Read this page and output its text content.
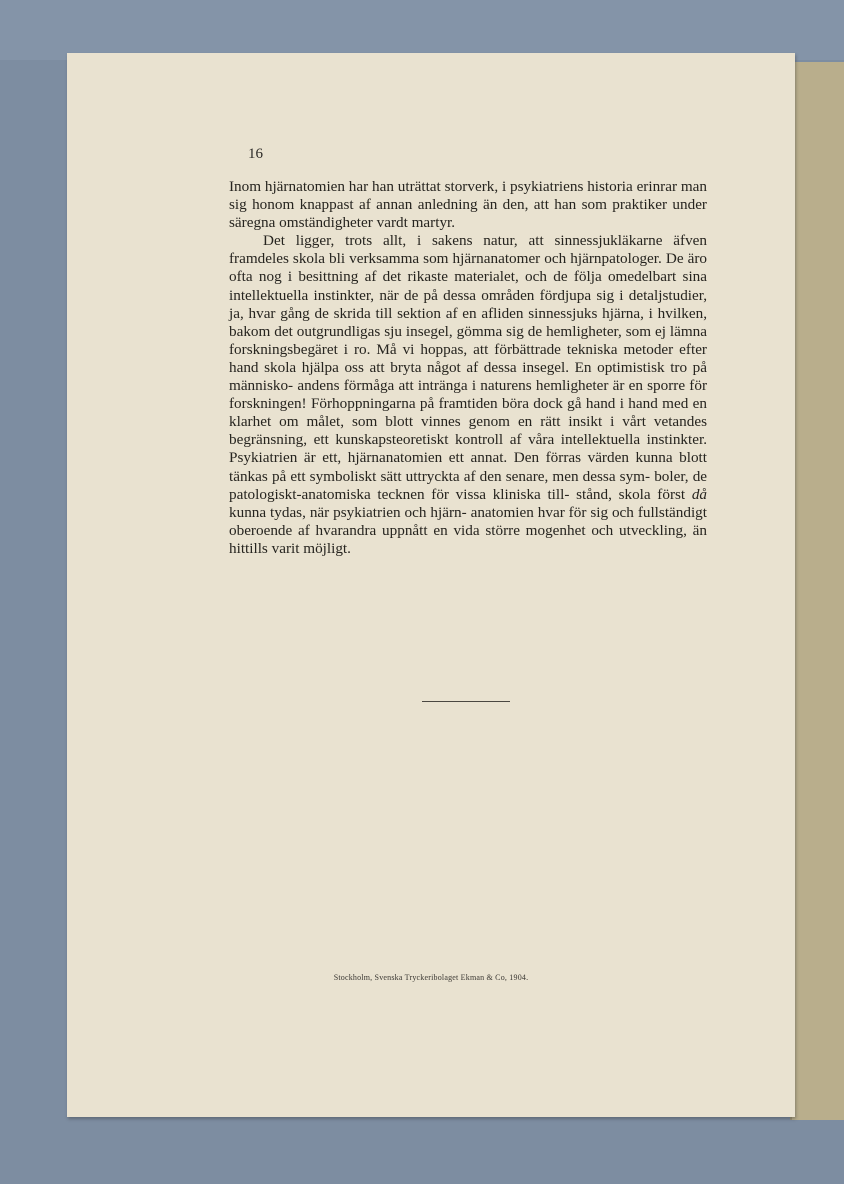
16

Inom hjärnatomien har han uträttat storverk, i psykiatriens historia erinrar man sig honom knappast af annan anledning än den, att han som praktiker under säregna omständigheter vardt martyr.

Det ligger, trots allt, i sakens natur, att sinnessjukläkarne äfven framdeles skola bli verksamma som hjärnanatomer och hjärnpatologer. De äro ofta nog i besittning af det rikaste materialet, och de följa omedelbart sina intellektuella instinkter, när de på dessa områden fördjupa sig i detaljstudier, ja, hvar gång de skrida till sektion af en afliden sinnessjuks hjärna, i hvilken, bakom det outgrundligas sju insegel, gömma sig de hemligheter, som ej lämna forskningsbegäret i ro. Må vi hoppas, att förbättrade tekniska metoder efter hand skola hjälpa oss att bryta något af dessa insegel. En optimistisk tro på människo- andens förmåga att intränga i naturens hemligheter är en sporre för forskningen! Förhoppningarna på framtiden böra dock gå hand i hand med en klarhet om målet, som blott vinnes genom en rätt insikt i vårt vetandes begränsning, ett kunskapsteoretiskt kontroll af våra intellektuella instinkter. Psykiatrien är ett, hjärnanatomien ett annat. Den förras värden kunna blott tänkas på ett symboliskt sätt uttryckta af den senare, men dessa sym- boler, de patologiskt-anatomiska tecknen för vissa kliniska till- stånd, skola först då kunna tydas, när psykiatrien och hjärn- anatomien hvar för sig och fullständigt oberoende af hvarandra uppnått en vida större mogenhet och utveckling, än hittills varit möjligt.

Stockholm, Svenska Tryckeribolaget Ekman & Co, 1904.
